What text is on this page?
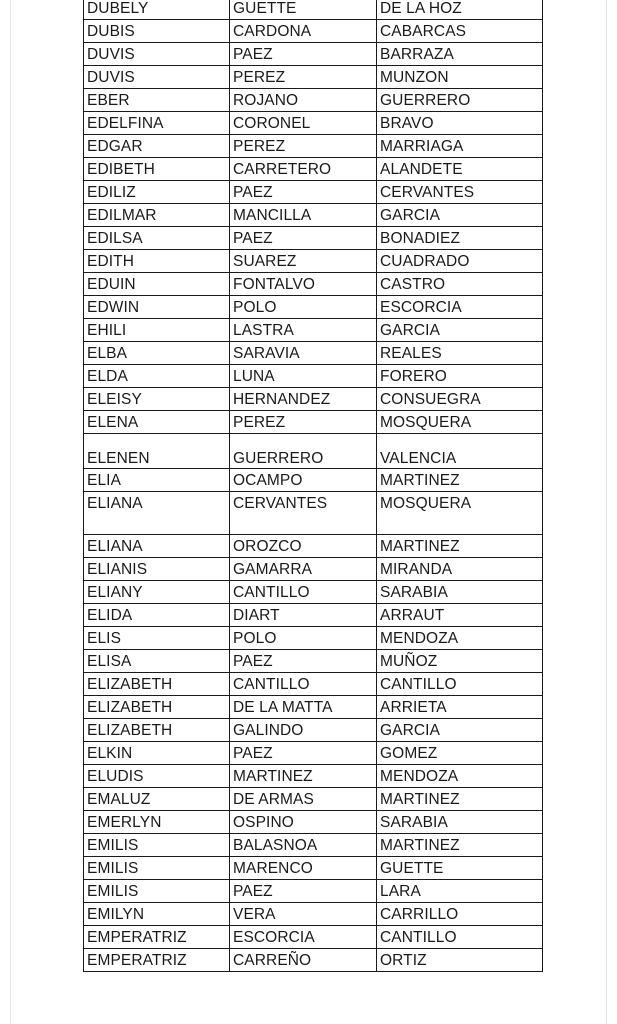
DUBELY	GUETTE	DE LA HOZ

DUBIS	CARDONA	CABARCAS

DUVIS	PAEZ	BARRAZA

DUVIS	PEREZ	MUNZON

EBER	ROJANO	GUERRERO

EDELFINA	CORONEL	BRAVO

EDGAR	PEREZ	MARRIAGA

EDIBETH	CARRETERO	ALANDETE

EDILIZ	PAEZ	CERVANTES

EDILMAR	MANCILLA	GARCIA

EDILSA	PAEZ	BONADIEZ

EDITH	SUAREZ	CUADRADO

EDUIN	FONTALVO	CASTRO

EDWIN	POLO	ESCORCIA

EHILI	LASTRA	GARCIA

ELBA	SARAVIA	REALES

ELDA	LUNA	FORERO

ELEISY	HERNANDEZ	CONSUEGRA

ELENA	PEREZ	MOSQUERA

ELENEN	GUERRERO	VALENCIA

ELIA	OCAMPO	MARTINEZ

ELIANA	CERVANTES	MOSQUERA

ELIANA	OROZCO	MARTINEZ

ELIANIS	GAMARRA	MIRANDA

ELIANY	CANTILLO	SARABIA

ELIDA	DIART	ARRAUT

ELIS	POLO	MENDOZA

ELISA	PAEZ	MUÑOZ

ELIZABETH	CANTILLO	CANTILLO

ELIZABETH	DE LA MATTA	ARRIETA

ELIZABETH	GALINDO	GARCIA

ELKIN	PAEZ	GOMEZ

ELUDIS	MARTINEZ	MENDOZA

EMALUZ	DE ARMAS	MARTINEZ

EMERLYN	OSPINO	SARABIA

EMILIS	BALASNOA	MARTINEZ

EMILIS	MARENCO	GUETTE

EMILIS	PAEZ	LARA

EMILYN	VERA	CARRILLO

EMPERATRIZ	ESCORCIA	CANTILLO

EMPERATRIZ	CARREÑO	ORTIZ
